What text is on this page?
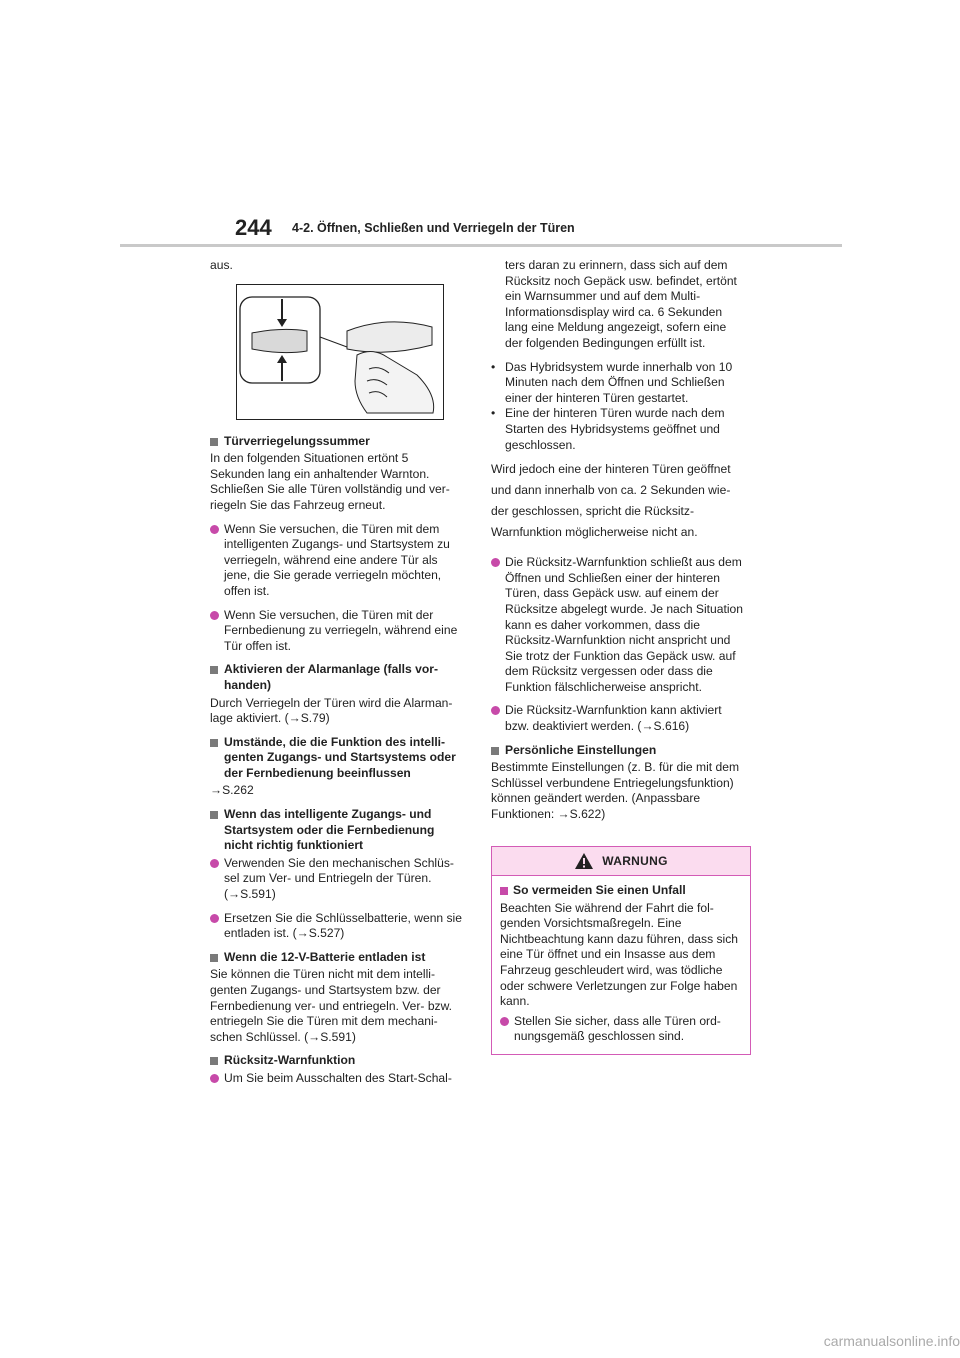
244 4-2. Öffnen, Schließen und Verriegeln der Türen

aus.

Türverriegelungssummer

In den folgenden Situationen ertönt 5 Sekunden lang ein anhaltender Warnton. Schließen Sie alle Türen vollständig und verriegeln Sie das Fahrzeug erneut.

Wenn Sie versuchen, die Türen mit dem intelligenten Zugangs- und Startsystem zu verriegeln, während eine andere Tür als jene, die Sie gerade verriegeln möchten, offen ist.
Wenn Sie versuchen, die Türen mit der Fernbedienung zu verriegeln, während eine Tür offen ist.
Aktivieren der Alarmanlage (falls vorhanden)

Durch Verriegeln der Türen wird die Alarmanlage aktiviert. (→S.79)

Umstände, die die Funktion des intelligenten Zugangs- und Startsystems oder der Fernbedienung beeinflussen

→S.262

Wenn das intelligente Zugangs- und Startsystem oder die Fernbedienung nicht richtig funktioniert
Verwenden Sie den mechanischen Schlüssel zum Ver- und Entriegeln der Türen. (→S.591)
Ersetzen Sie die Schlüsselbatterie, wenn sie entladen ist. (→S.527)
Wenn die 12-V-Batterie entladen ist

Sie können die Türen nicht mit dem intelligenten Zugangs- und Startsystem bzw. der Fernbedienung ver- und entriegeln. Ver- bzw. entriegeln Sie die Türen mit dem mechanischen Schlüssel. (→S.591)

Rücksitz-Warnfunktion
Um Sie beim Ausschalten des Start-Schal-

ters daran zu erinnern, dass sich auf dem Rücksitz noch Gepäck usw. befindet, ertönt ein Warnsummer und auf dem Multi-Informationsdisplay wird ca. 6 Sekunden lang eine Meldung angezeigt, sofern eine der folgenden Bedingungen erfüllt ist.

• Das Hybridsystem wurde innerhalb von 10 Minuten nach dem Öffnen und Schließen einer der hinteren Türen gestartet.
• Eine der hinteren Türen wurde nach dem Starten des Hybridsystems geöffnet und geschlossen.
Wird jedoch eine der hinteren Türen geöffnet
und dann innerhalb von ca. 2 Sekunden wie-
der geschlossen, spricht die Rücksitz-
Warnfunktion möglicherweise nicht an.
Die Rücksitz-Warnfunktion schließt aus dem Öffnen und Schließen einer der hinteren Türen, dass Gepäck usw. auf einem der Rücksitze abgelegt wurde. Je nach Situation kann es daher vorkommen, dass die Rücksitz-Warnfunktion nicht anspricht und Sie trotz der Funktion das Gepäck usw. auf dem Rücksitz vergessen oder dass die Funktion fälschlicherweise anspricht.
Die Rücksitz-Warnfunktion kann aktiviert bzw. deaktiviert werden. (→S.616)
Persönliche Einstellungen

Bestimmte Einstellungen (z. B. für die mit dem Schlüssel verbundene Entriegelungsfunktion) können geändert werden. (Anpassbare Funktionen: →S.622)

WARNUNG
So vermeiden Sie einen Unfall

Beachten Sie während der Fahrt die folgenden Vorsichtsmaßregeln. Eine Nichtbeachtung kann dazu führen, dass sich eine Tür öffnet und ein Insasse aus dem Fahrzeug geschleudert wird, was tödliche oder schwere Verletzungen zur Folge haben kann.

Stellen Sie sicher, dass alle Türen ordnungsgemäß geschlossen sind.
carmanualsonline.info
